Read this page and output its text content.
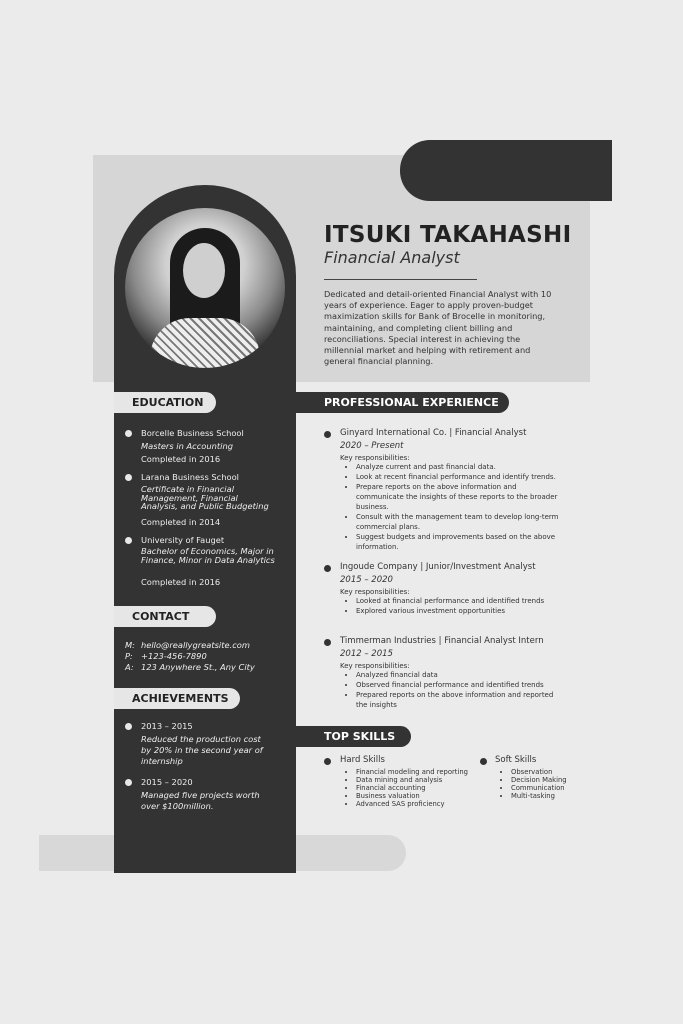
ITSUKI TAKAHASHI
Financial Analyst
Dedicated and detail-oriented Financial Analyst with 10 years of experience. Eager to apply proven-budget maximization skills for Bank of Brocelle in monitoring, maintaining, and completing client billing and reconciliations. Special interest in achieving the millennial market and helping with retirement and general financial planning.
EDUCATION
Borcelle Business School
Masters in Accounting
Completed in 2016
Larana Business School
Certificate in Financial Management, Financial Analysis, and Public Budgeting
Completed in 2014
University of Fauget
Bachelor of Economics, Major in Finance, Minor in Data Analytics
Completed in 2016
CONTACT
M: hello@reallygreatsite.com
P: +123-456-7890
A: 123 Anywhere St., Any City
ACHIEVEMENTS
2013 – 2015
Reduced the production cost by 20% in the second year of internship
2015 – 2020
Managed five projects worth over $100million.
PROFESSIONAL EXPERIENCE
Ginyard International Co. | Financial Analyst
2020 – Present
Key responsibilities:
• Analyze current and past financial data.
• Look at recent financial performance and identify trends.
• Prepare reports on the above information and communicate the insights of these reports to the broader business.
• Consult with the management team to develop long-term commercial plans.
• Suggest budgets and improvements based on the above information.
Ingoude Company | Junior/Investment Analyst
2015 – 2020
Key responsibilities:
• Looked at financial performance and identified trends
• Explored various investment opportunities
Timmerman Industries | Financial Analyst Intern
2012 – 2015
Key responsibilities:
• Analyzed financial data
• Observed financial performance and identified trends
• Prepared reports on the above information and reported the insights
TOP SKILLS
Hard Skills
• Financial modeling and reporting
• Data mining and analysis
• Financial accounting
• Business valuation
• Advanced SAS proficiency
Soft Skills
• Observation
• Decision Making
• Communication
• Multi-tasking
